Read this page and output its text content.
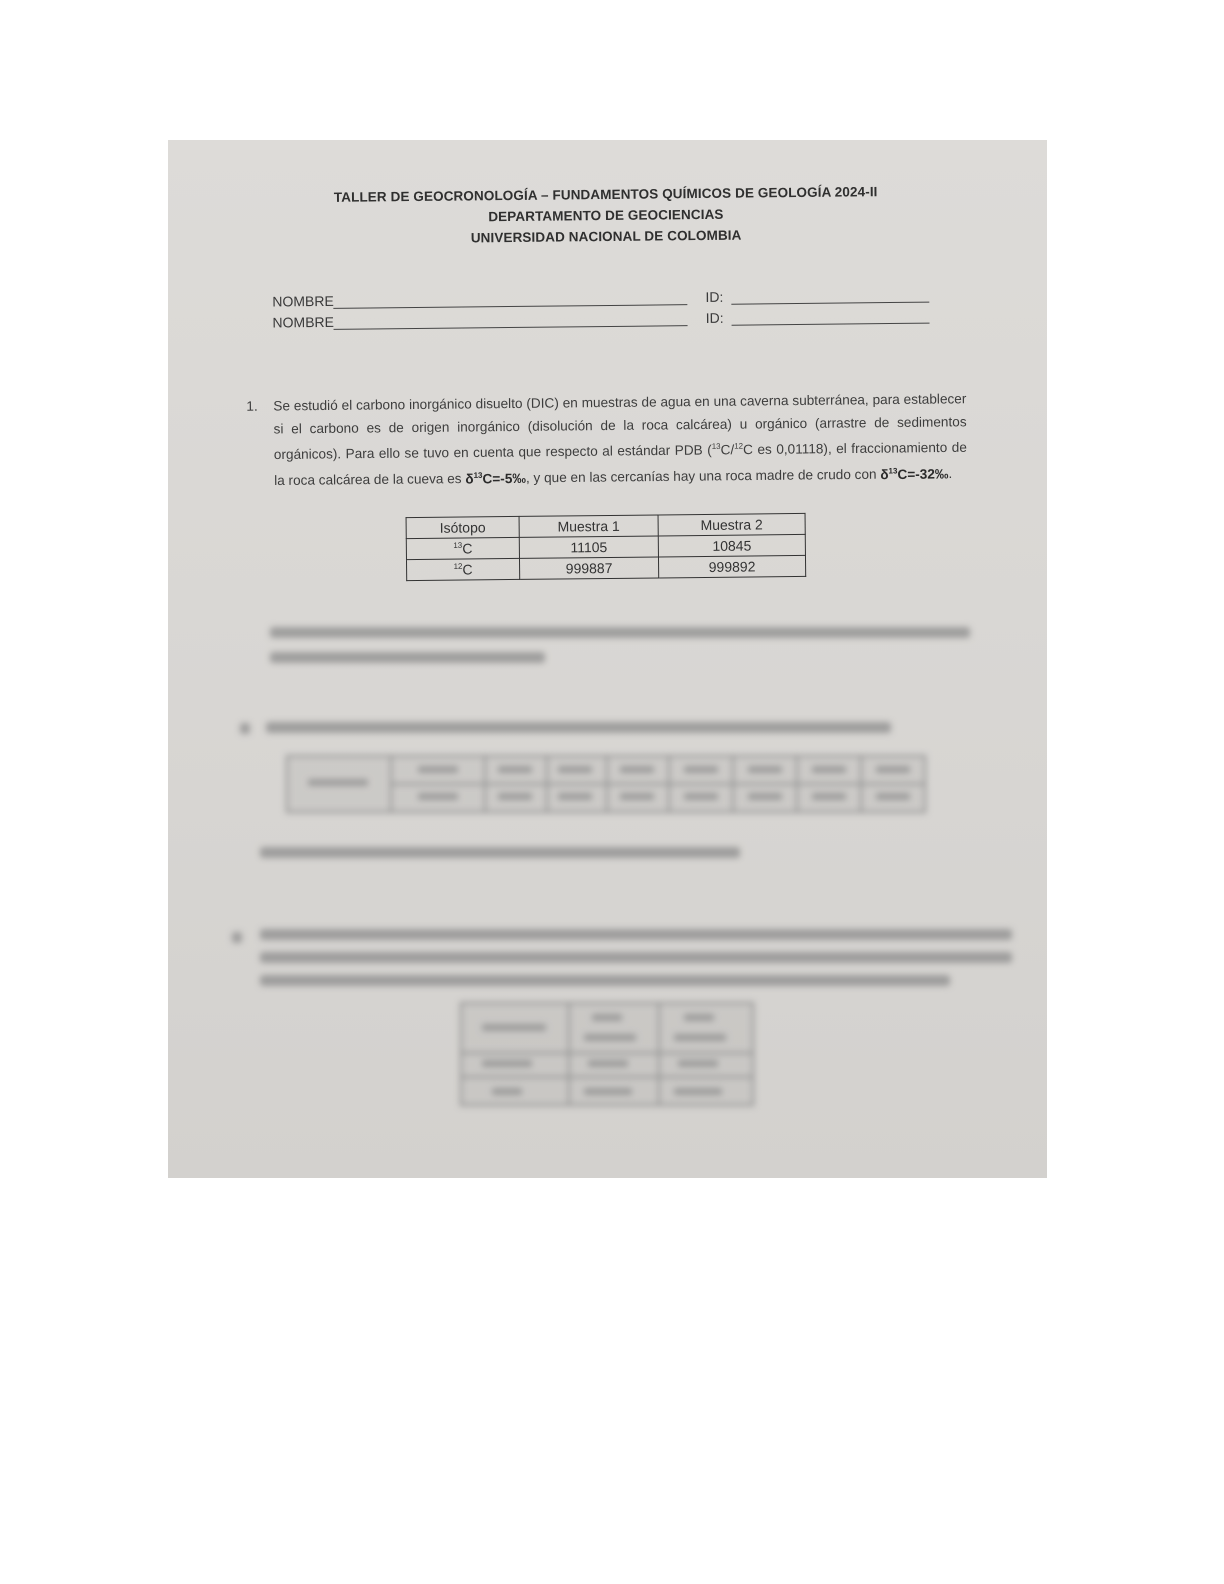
TALLER DE GEOCRONOLOGÍA – FUNDAMENTOS QUÍMICOS DE GEOLOGÍA 2024-II
DEPARTAMENTO DE GEOCIENCIAS
UNIVERSIDAD NACIONAL DE COLOMBIA
NOMBRE	ID:
NOMBRE	ID:
1. Se estudió el carbono inorgánico disuelto (DIC) en muestras de agua en una caverna subterránea, para establecer si el carbono es de origen inorgánico (disolución de la roca calcárea) u orgánico (arrastre de sedimentos orgánicos). Para ello se tuvo en cuenta que respecto al estándar PDB ($^{13}$C/$^{12}$C es 0,01118), el fraccionamiento de la roca calcárea de la cueva es $\delta^{13}C=-5‰$, y que en las cercanías hay una roca madre de crudo con $\delta^{13}C=-32‰$.
Isótopo	Muestra 1	Muestra 2
$^{13}$C	11105	10845
$^{12}$C	999887	999892
